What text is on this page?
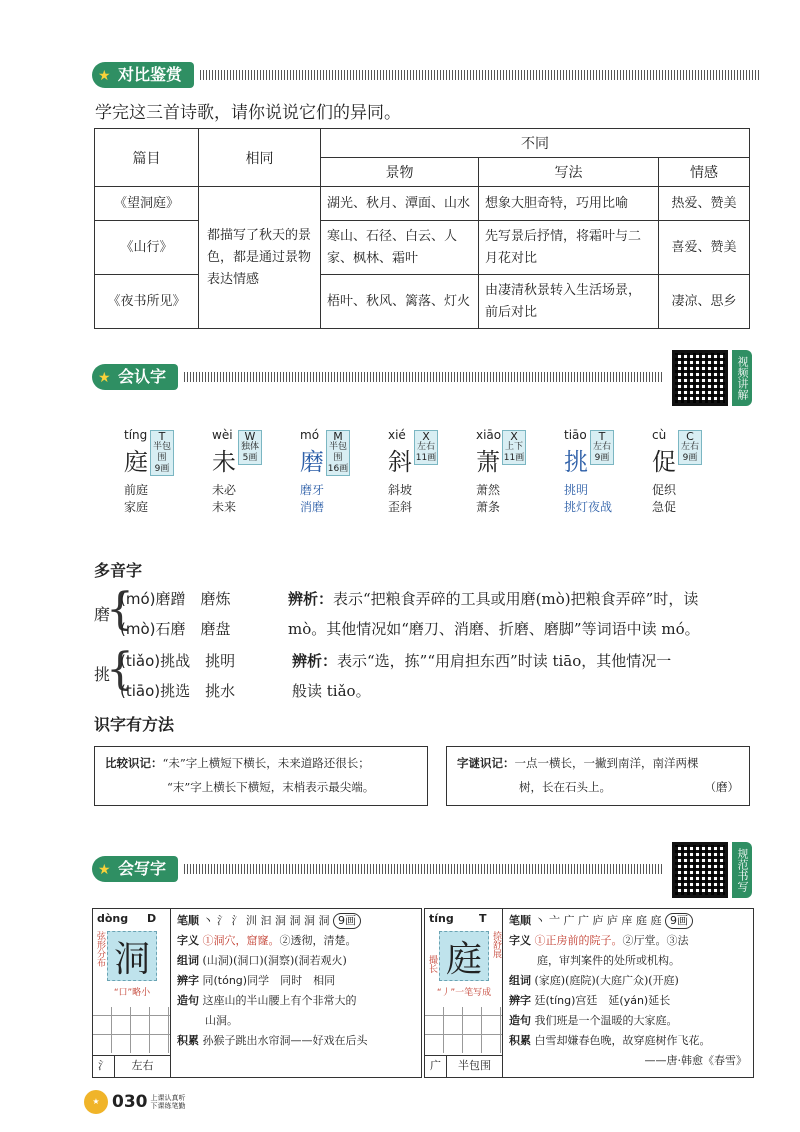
★ 对比鉴赏
学完这三首诗歌，请你说说它们的异同。
篇目	相同	不同		
		景物	写法	情感
《望洞庭》	都描写了秋天的景色，都是通过景物表达情感	湖光、秋月、潭面、山水	想象大胆奇特，巧用比喻	热爱、赞美
《山行》		寒山、石径、白云、人家、枫林、霜叶	先写景后抒情，将霜叶与二月花对比	喜爱、赞美
《夜书所见》		梧叶、秋风、篱落、灯火	由凄清秋景转入生活场景，前后对比	凄凉、思乡
★ 会认字	视频讲解
tíng
庭
T
半包围
9画
wèi
未
W
独体
5画
mó
磨
M
半包围
16画
xié
斜
X
左右
11画
xiāo
萧
X
上下
11画
tiāo
挑
T
左右
9画
cù
促
C
左右
9画
前庭
家庭
未必
未来
磨牙
消磨
斜坡
歪斜
萧然
萧条
挑明
挑灯夜战
促织
急促
多音字
磨
{
(mó)磨蹭　磨炼
(mò)石磨　磨盘
辨析：表示“把粮食弄碎的工具或用磨(mò)把粮食弄碎”时，读
mò。其他情况如“磨刀、消磨、折磨、磨脚”等词语中读 mó。
挑
{
(tiǎo)挑战　挑明
(tiāo)挑选　挑水
辨析：表示“选，拣”“用肩担东西”时读 tiāo，其他情况一
般读 tiǎo。
识字有方法
比较识记：“未”字上横短下横长，未来道路还很长；
“末”字上横长下横短，末梢表示最尖端。
字谜识记：一点一横长，一撇到南洋，南洋两棵
树，长在石头上。	（磨）
★ 会写字	规范书写
dòng D
弦形分布 洞
“口”略小
氵	左右
笔顺 丶 氵 氵 汌 汩 洞 洞 洞 洞 9画
字义 ①洞穴，窟窿。②透彻，清楚。
组词 (山洞)(洞口)(洞察)(洞若观火)
辨字 同(tóng)同学　同时　相同
造句 这座山的半山腰上有个非常大的
山洞。
积累 孙猴子跳出水帘洞——好戏在后头
tíng T
撮长
捺舒展
庭
“丿”一笔写成
广	半包围
笔顺 丶 亠 广 广 庐 庐 庠 庭 庭 9画
字义 ①正房前的院子。②厅堂。③法
庭，审判案件的处所或机构。
组词 (家庭)(庭院)(大庭广众)(开庭)
辨字 廷(tíng)宫廷　延(yán)延长
造句 我们班是一个温暖的大家庭。
积累 白雪却嫌春色晚，故穿庭树作飞花。
——唐·韩愈《春雪》
★ 030 上课认真听
下课练笔勤
